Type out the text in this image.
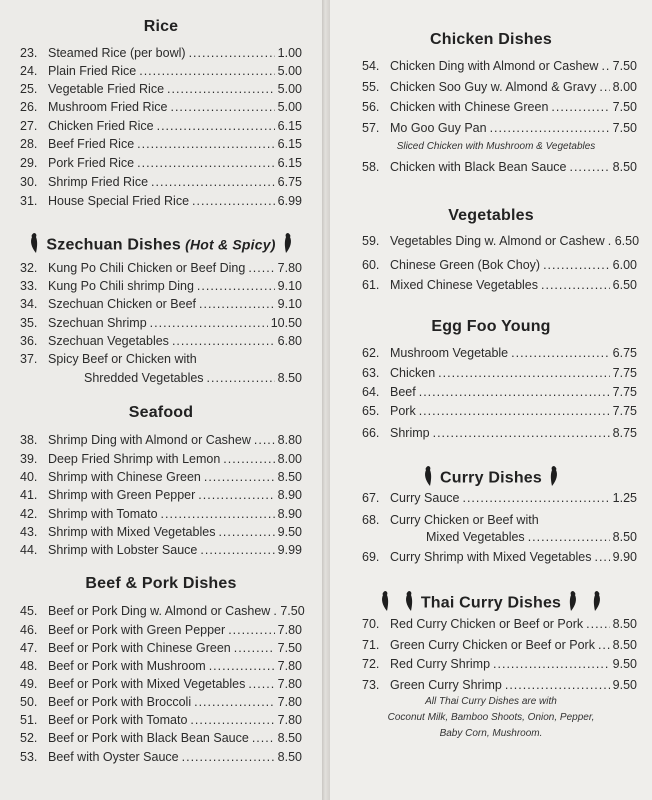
Rice
23. Steamed Rice (per bowl) .....	1.00
24. Plain Fried Rice .....	5.00
25. Vegetable Fried Rice .....	5.00
26. Mushroom Fried Rice .....	5.00
27. Chicken Fried Rice .....	6.15
28. Beef Fried Rice .....	6.15
29. Pork Fried Rice .....	6.15
30. Shrimp Fried Rice .....	6.75
31. House Special Fried Rice .....	6.99
Szechuan Dishes (Hot & Spicy)
32. Kung Po Chili Chicken or Beef Ding .....	7.80
33. Kung Po Chili shrimp Ding .....	9.10
34. Szechuan Chicken or Beef .....	9.10
35. Szechuan Shrimp .....	10.50
36. Szechuan Vegetables .....	6.80
37. Spicy Beef or Chicken with
Shredded Vegetables .....	8.50
Seafood
38. Shrimp Ding with Almond or Cashew ..... 8.80
39. Deep Fried Shrimp with Lemon .....	8.00
40. Shrimp with Chinese Green .....	8.50
41. Shrimp with Green Pepper .....	8.90
42. Shrimp with Tomato .....	8.90
43. Shrimp with Mixed Vegetables .....	9.50
44. Shrimp with Lobster Sauce .....	9.99
Beef & Pork Dishes
45. Beef or Pork Ding w. Almond or Cashew ..... 7.50
46. Beef or Pork with Green Pepper .....	7.80
47. Beef or Pork with Chinese Green .....	7.50
48. Beef or Pork with Mushroom .....	7.80
49. Beef or Pork with Mixed Vegetables .....	7.80
50. Beef or Pork with Broccoli .....	7.80
51. Beef or Pork with Tomato .....	7.80
52. Beef or Pork with Black Bean Sauce ..... 8.50
53. Beef with Oyster Sauce .....	8.50
Chicken Dishes
54. Chicken Ding with Almond or Cashew ..... 7.50
55. Chicken Soo Guy w. Almond & Gravy ..... 8.00
56. Chicken with Chinese Green .....	7.50
57. Mo Goo Guy Pan .....	7.50
58. Chicken with Black Bean Sauce .....	8.50
Sliced Chicken with Mushroom & Vegetables
Vegetables
59. Vegetables Ding w. Almond or Cashew ..... 6.50
60. Chinese Green (Bok Choy) .....	6.00
61. Mixed Chinese Vegetables .....	6.50
Egg Foo Young
62. Mushroom Vegetable .....	6.75
63. Chicken .....	7.75
64. Beef .....	7.75
65. Pork .....	7.75
66. Shrimp .....	8.75
Curry Dishes
67. Curry Sauce .....	1.25
68. Curry Chicken or Beef with
Mixed Vegetables .....	8.50
69. Curry Shrimp with Mixed Vegetables ..... 9.90
Thai Curry Dishes
70. Red Curry Chicken or Beef or Pork ..... 8.50
71. Green Curry Chicken or Beef or Pork ..... 8.50
72. Red Curry Shrimp .....	9.50
73. Green Curry Shrimp .....	9.50
All Thai Curry Dishes are with
Coconut Milk, Bamboo Shoots, Onion, Pepper,
Baby Corn, Mushroom.
